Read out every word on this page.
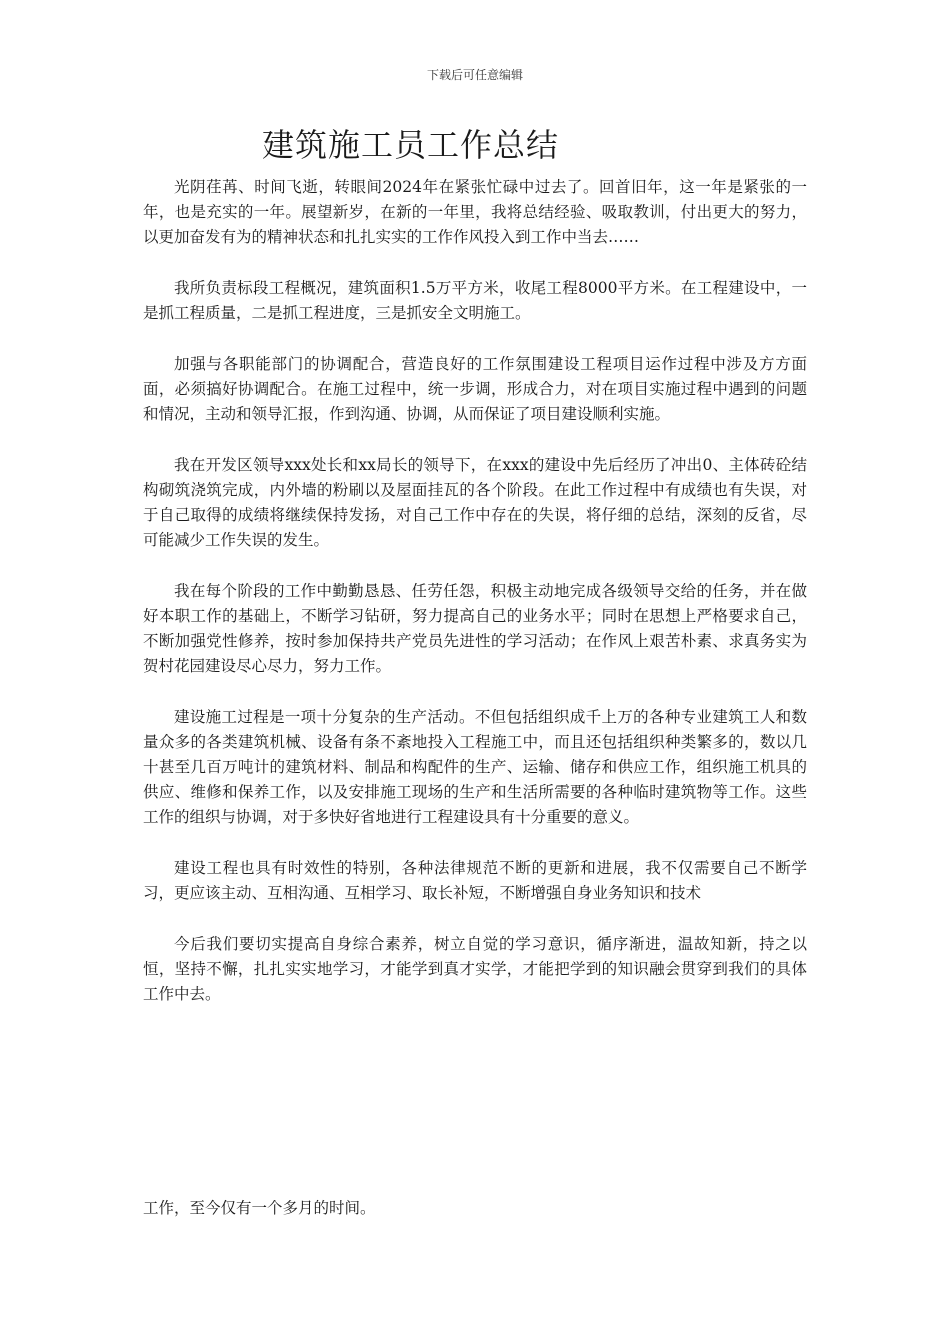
下载后可任意编辑
建筑施工员工作总结

光阴荏苒、时间飞逝，转眼间2024年在紧张忙碌中过去了。回首旧年，这一年是紧张的一年，也是充实的一年。展望新岁，在新的一年里，我将总结经验、吸取教训，付出更大的努力，以更加奋发有为的精神状态和扎扎实实的工作作风投入到工作中当去……

我所负责标段工程概况，建筑面积1.5万平方米，收尾工程8000平方米。在工程建设中，一是抓工程质量，二是抓工程进度，三是抓安全文明施工。

加强与各职能部门的协调配合，营造良好的工作氛围建设工程项目运作过程中涉及方方面面，必须搞好协调配合。在施工过程中，统一步调，形成合力，对在项目实施过程中遇到的问题和情况，主动和领导汇报，作到沟通、协调，从而保证了项目建设顺利实施。

我在开发区领导xxx处长和xx局长的领导下，在xxx的建设中先后经历了冲出0、主体砖砼结构砌筑浇筑完成，内外墙的粉刷以及屋面挂瓦的各个阶段。在此工作过程中有成绩也有失误，对于自己取得的成绩将继续保持发扬，对自己工作中存在的失误，将仔细的总结，深刻的反省，尽可能减少工作失误的发生。

我在每个阶段的工作中勤勤恳恳、任劳任怨，积极主动地完成各级领导交给的任务，并在做好本职工作的基础上，不断学习钻研，努力提高自己的业务水平；同时在思想上严格要求自己，不断加强党性修养，按时参加保持共产党员先进性的学习活动；在作风上艰苦朴素、求真务实为贺村花园建设尽心尽力，努力工作。

建设施工过程是一项十分复杂的生产活动。不但包括组织成千上万的各种专业建筑工人和数量众多的各类建筑机械、设备有条不紊地投入工程施工中，而且还包括组织种类繁多的，数以几十甚至几百万吨计的建筑材料、制品和构配件的生产、运输、储存和供应工作，组织施工机具的供应、维修和保养工作，以及安排施工现场的生产和生活所需要的各种临时建筑物等工作。这些工作的组织与协调，对于多快好省地进行工程建设具有十分重要的意义。

建设工程也具有时效性的特别，各种法律规范不断的更新和进展，我不仅需要自己不断学习，更应该主动、互相沟通、互相学习、取长补短，不断增强自身业务知识和技术

今后我们要切实提高自身综合素养，树立自觉的学习意识，循序渐进，温故知新，持之以恒，坚持不懈，扎扎实实地学习，才能学到真才实学，才能把学到的知识融会贯穿到我们的具体工作中去。

工作，至今仅有一个多月的时间。
